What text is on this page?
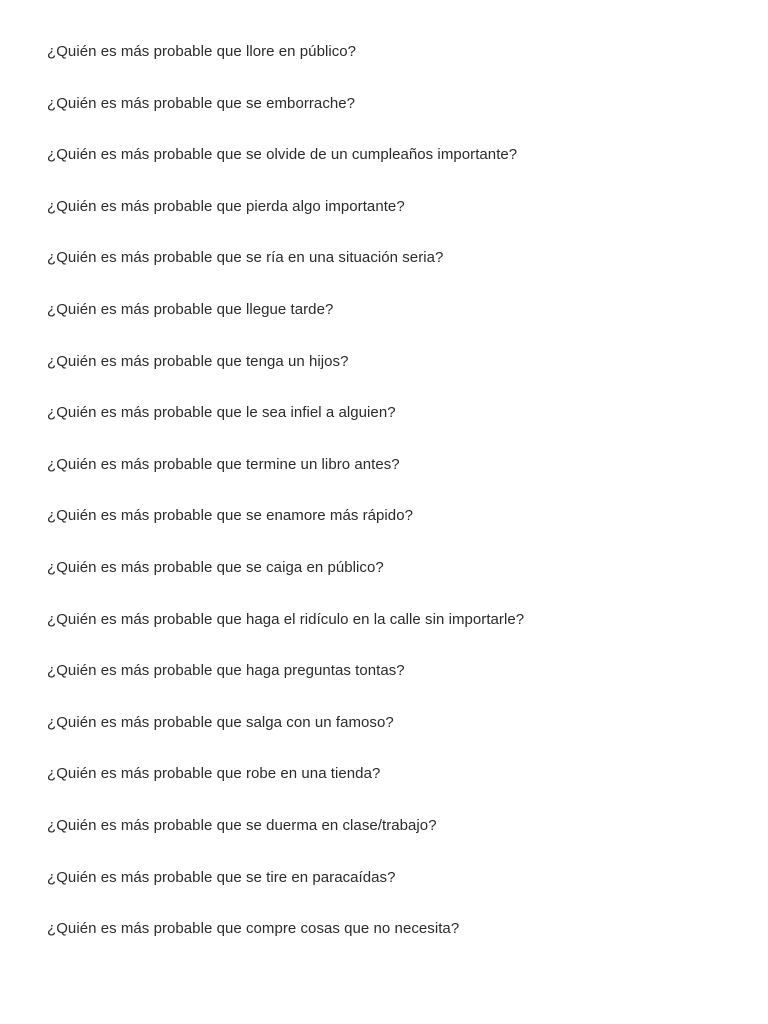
¿Quién es más probable que llore en público?
¿Quién es más probable que se emborrache?
¿Quién es más probable que se olvide de un cumpleaños importante?
¿Quién es más probable que pierda algo importante?
¿Quién es más probable que se ría en una situación seria?
¿Quién es más probable que llegue tarde?
¿Quién es más probable que tenga un hijos?
¿Quién es más probable que le sea infiel a alguien?
¿Quién es más probable que termine un libro antes?
¿Quién es más probable que se enamore más rápido?
¿Quién es más probable que se caiga en público?
¿Quién es más probable que haga el ridículo en la calle sin importarle?
¿Quién es más probable que haga preguntas tontas?
¿Quién es más probable que salga con un famoso?
¿Quién es más probable que robe en una tienda?
¿Quién es más probable que se duerma en clase/trabajo?
¿Quién es más probable que se tire en paracaídas?
¿Quién es más probable que compre cosas que no necesita?
